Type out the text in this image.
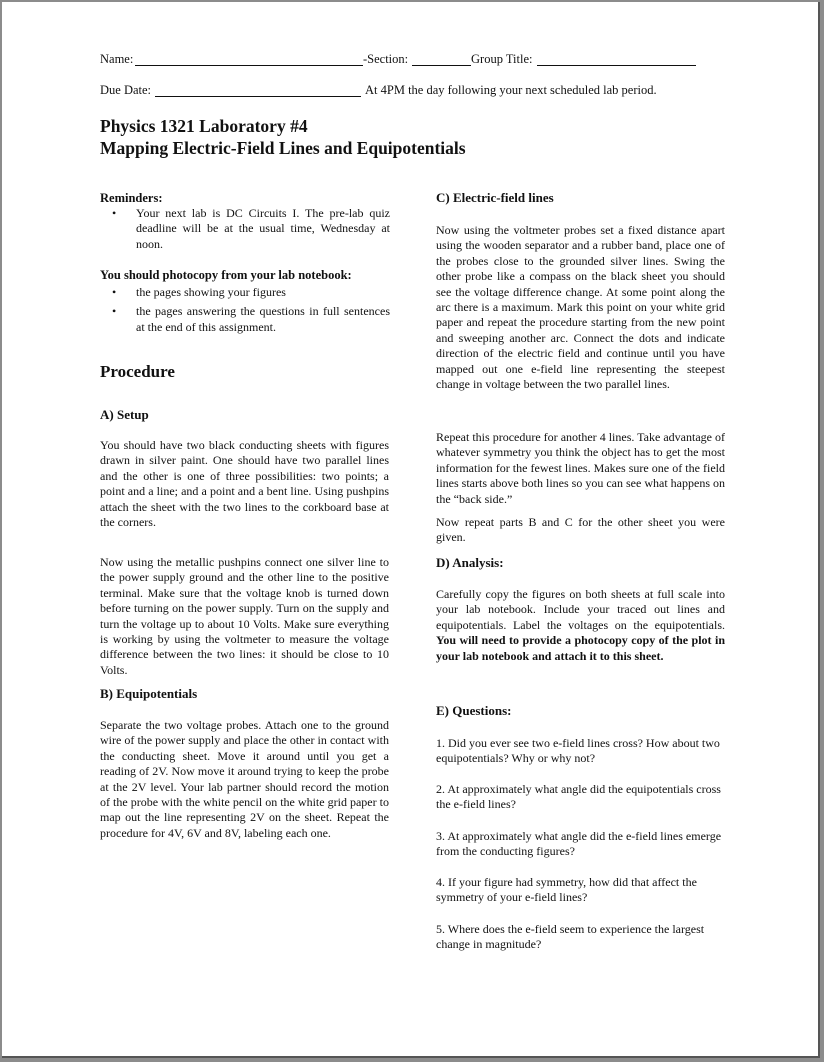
Name:	-Section:	Group Title:
Due Date:	At 4PM the day following your next scheduled lab period.
Physics 1321 Laboratory #4
Mapping Electric-Field Lines and Equipotentials
Reminders:
• Your next lab is DC Circuits I. The pre-lab quiz deadline will be at the usual time, Wednesday at noon.
You should photocopy from your lab notebook:
• the pages showing your figures
• the pages answering the questions in full sentences at the end of this assignment.
Procedure
A) Setup

You should have two black conducting sheets with figures drawn in silver paint. One should have two parallel lines and the other is one of three possibilities: two points; a point and a line; and a point and a bent line. Using pushpins attach the sheet with the two lines to the corkboard base at the corners.

Now using the metallic pushpins connect one silver line to the power supply ground and the other line to the positive terminal. Make sure that the voltage knob is turned down before turning on the power supply. Turn on the supply and turn the voltage up to about 10 Volts. Make sure everything is working by using the voltmeter to measure the voltage difference between the two lines: it should be close to 10 Volts.

B) Equipotentials

Separate the two voltage probes. Attach one to the ground wire of the power supply and place the other in contact with the conducting sheet. Move it around until you get a reading of 2V. Now move it around trying to keep the probe at the 2V level. Your lab partner should record the motion of the probe with the white pencil on the white grid paper to map out the line representing 2V on the sheet. Repeat the procedure for 4V, 6V and 8V, labeling each one.

C) Electric-field lines

Now using the voltmeter probes set a fixed distance apart using the wooden separator and a rubber band, place one of the probes close to the grounded silver lines. Swing the other probe like a compass on the black sheet you should see the voltage difference change. At some point along the arc there is a maximum. Mark this point on your white grid paper and repeat the procedure starting from the new point and sweeping another arc. Connect the dots and indicate direction of the electric field and continue until you have mapped out one e-field line representing the steepest change in voltage between the two parallel lines.

Repeat this procedure for another 4 lines. Take advantage of whatever symmetry you think the object has to get the most information for the fewest lines. Makes sure one of the field lines starts above both lines so you can see what happens on the “back side.”

Now repeat parts B and C for the other sheet you were given.

D) Analysis:

Carefully copy the figures on both sheets at full scale into your lab notebook. Include your traced out lines and equipotentials. Label the voltages on the equipotentials. You will need to provide a photocopy copy of the plot in your lab notebook and attach it to this sheet.

E) Questions:

1. Did you ever see two e-field lines cross? How about two equipotentials? Why or why not?

2. At approximately what angle did the equipotentials cross the e-field lines?

3. At approximately what angle did the e-field lines emerge from the conducting figures?

4. If your figure had symmetry, how did that affect the symmetry of your e-field lines?

5. Where does the e-field seem to experience the largest change in magnitude?
